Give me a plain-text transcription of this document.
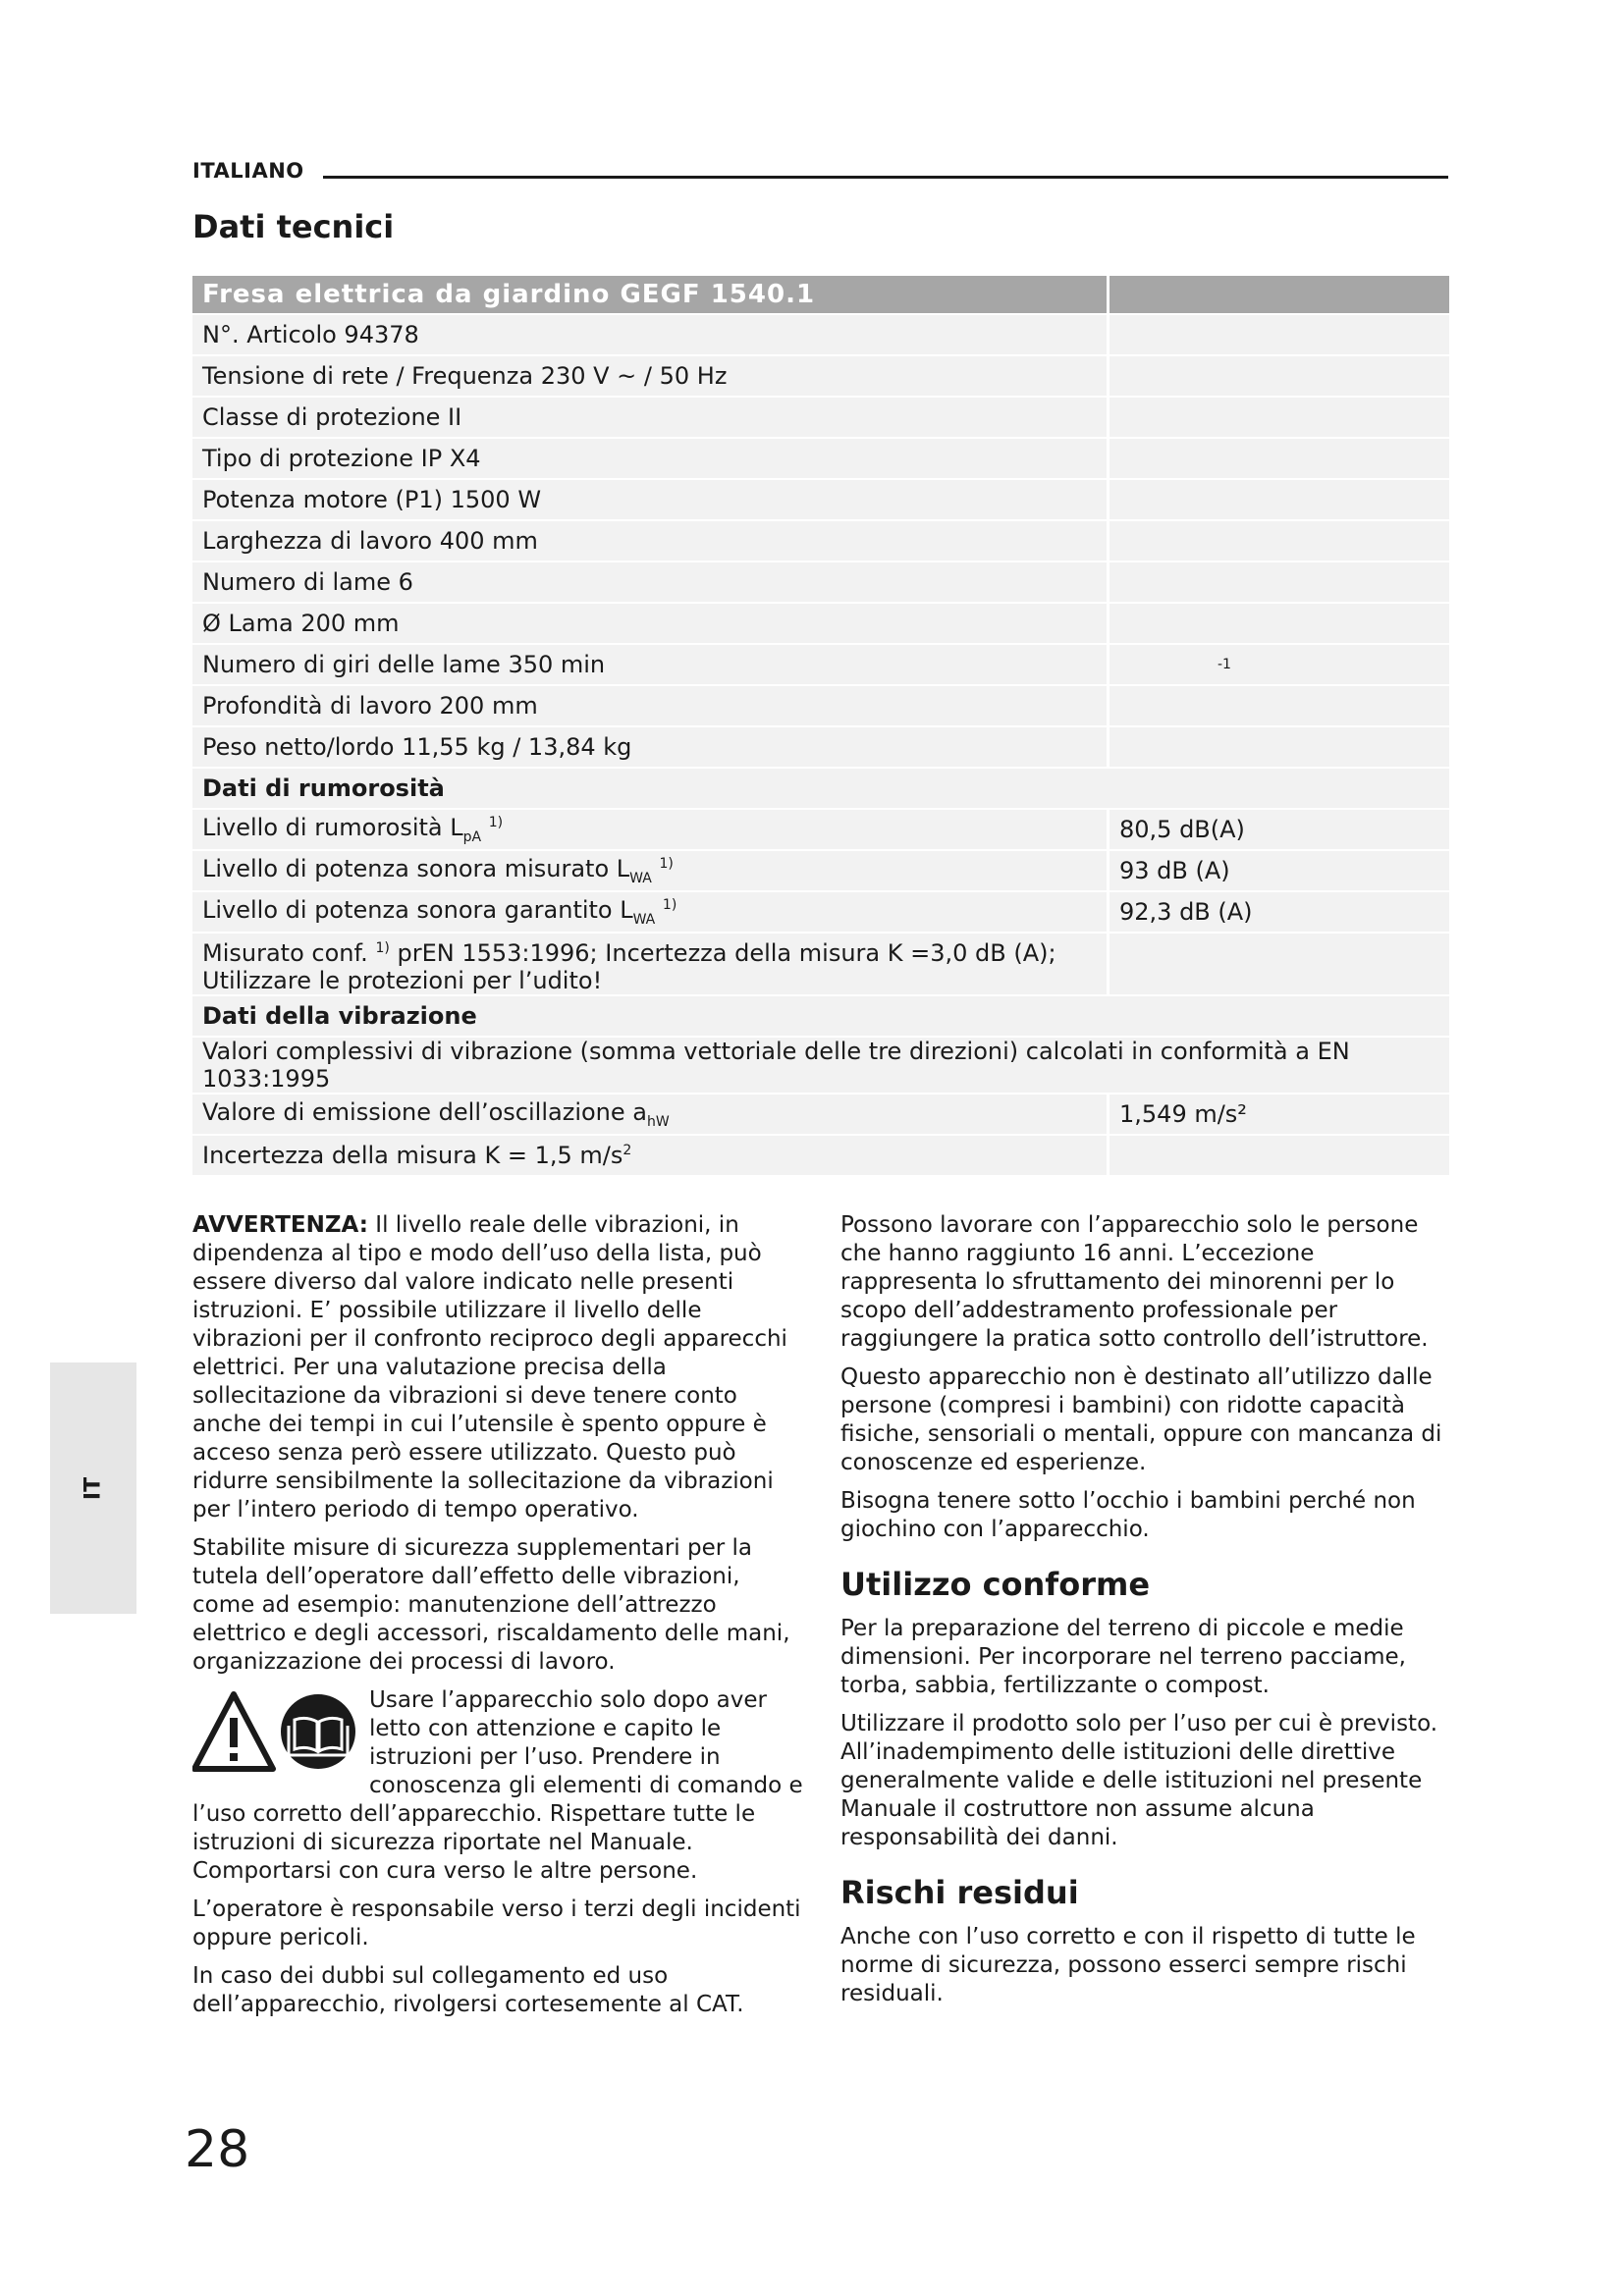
ITALIANO
Dati tecnici
Fresa elettrica da giardino GEGF 1540.1	
N°. Articolo 94378	
Tensione di rete / Frequenza 230 V ~ / 50 Hz	
Classe di protezione II	
Tipo di protezione IP X4	
Potenza motore (P1) 1500 W	
Larghezza di lavoro 400 mm	
Numero di lame 6	
Ø Lama 200 mm	
Numero di giri delle lame 350 min	$^{-1}$
Profondità di lavoro 200 mm	
Peso netto/lordo 11,55 kg / 13,84 kg	
Dati di rumorosità	
Livello di rumorosità $L_{pA}$ $^{1)}$	80,5 dB(A)
Livello di potenza sonora misurato $L_{WA}$ $^{1)}$	93 dB (A)
Livello di potenza sonora garantito $L_{WA}$ $^{1)}$	92,3 dB (A)
Misurato conf. $^{1)}$ prEN 1553:1996; Incertezza della misura K =3,0 dB (A);
Utilizzare le protezioni per l’udito!	
Dati della vibrazione	
Valori complessivi di vibrazione (somma vettoriale delle tre direzioni) calcolati in conformità a EN 1033:1995	
Valore di emissione dell’oscillazione $a_{hW}$	1,549 m/s²
Incertezza della misura K = 1,5 $m/s^2$	

AVVERTENZA: Il livello reale delle vibrazioni, in dipendenza al tipo e modo dell’uso della lista, può essere diverso dal valore indicato nelle presenti istruzioni. E’ possibile utilizzare il livello delle vibrazioni per il confronto reciproco degli apparecchi elettrici. Per una valutazione precisa della sollecitazione da vibrazioni si deve tenere conto anche dei tempi in cui l’utensile è spento oppure è acceso senza però essere utilizzato. Questo può ridurre sensibilmente la sollecitazione da vibrazioni per l’intero periodo di tempo operativo.

Stabilite misure di sicurezza supplementari per la tutela dell’operatore dall’effetto delle vibrazioni, come ad esempio: manutenzione dell’attrezzo elettrico e degli accessori, riscaldamento delle mani, organizzazione dei processi di lavoro.

Usare l’apparecchio solo dopo aver letto con attenzione e capito le istruzioni per l’uso. Prendere in conoscenza gli elementi di comando e l’uso corretto dell’apparecchio. Rispettare tutte le istruzioni di sicurezza riportate nel Manuale. Comportarsi con cura verso le altre persone.

L’operatore è responsabile verso i terzi degli incidenti oppure pericoli.

In caso dei dubbi sul collegamento ed uso dell’apparecchio, rivolgersi cortesemente al CAT.

Possono lavorare con l’apparecchio solo le persone che hanno raggiunto 16 anni. L’eccezione rappresenta lo sfruttamento dei minorenni per lo scopo dell’addestramento professionale per raggiungere la pratica sotto controllo dell’istruttore.

Questo apparecchio non è destinato all’utilizzo dalle persone (compresi i bambini) con ridotte capacità fisiche, sensoriali o mentali, oppure con mancanza di conoscenze ed esperienze.

Bisogna tenere sotto l’occhio i bambini perché non giochino con l’apparecchio.

Utilizzo conforme

Per la preparazione del terreno di piccole e medie dimensioni. Per incorporare nel terreno pacciame, torba, sabbia, fertilizzante o compost.

Utilizzare il prodotto solo per l’uso per cui è previsto. All’inadempimento delle istituzioni delle direttive generalmente valide e delle istituzioni nel presente Manuale il costruttore non assume alcuna responsabilità dei danni.

Rischi residui

Anche con l’uso corretto e con il rispetto di tutte le norme di sicurezza, possono esserci sempre rischi residuali.

IT
28
